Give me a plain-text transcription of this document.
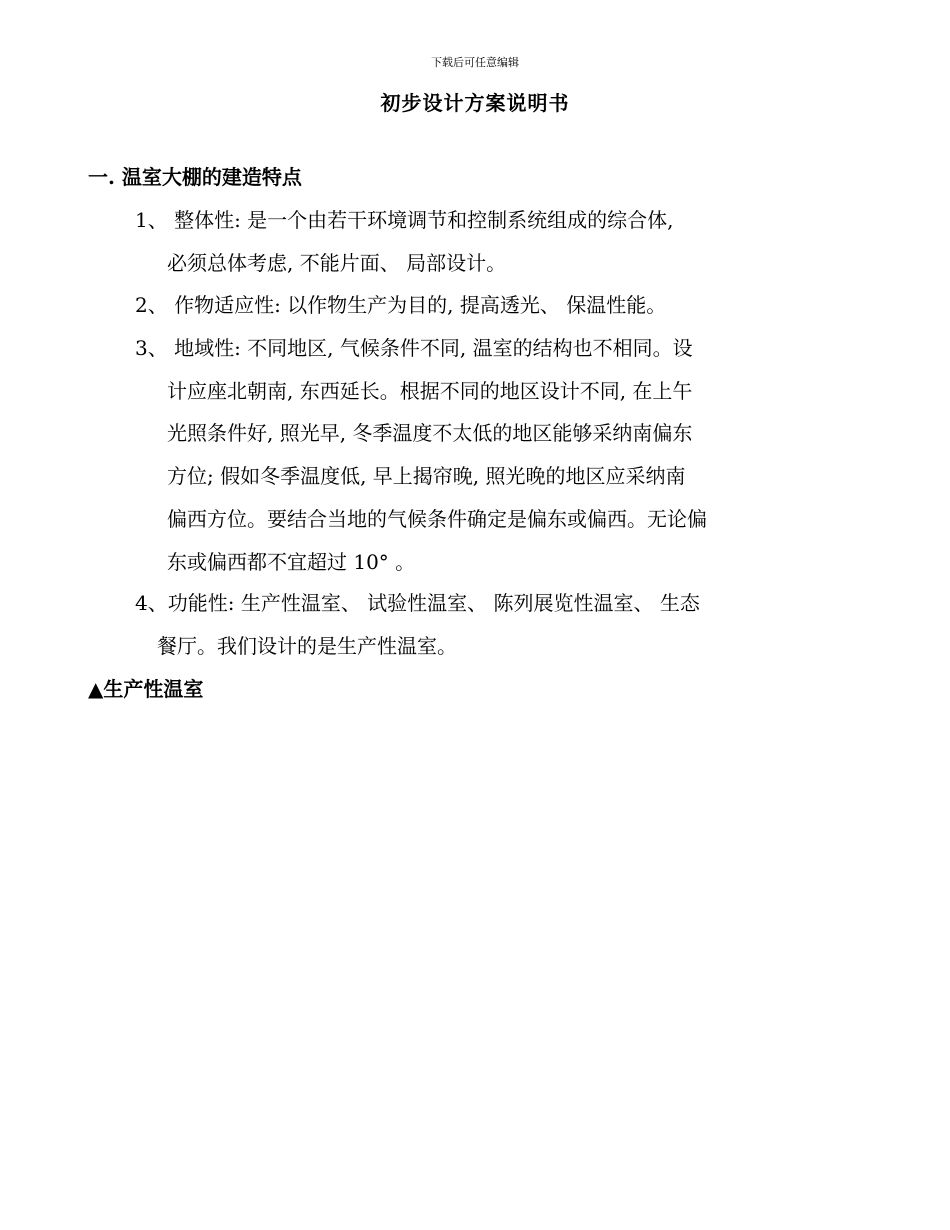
下载后可任意编辑
初步设计方案说明书
一. 温室大棚的建造特点
1、 整体性: 是一个由若干环境调节和控制系统组成的综合体,
必须总体考虑, 不能片面、 局部设计。
2、 作物适应性: 以作物生产为目的, 提高透光、 保温性能。
3、 地域性: 不同地区, 气候条件不同, 温室的结构也不相同。设
计应座北朝南, 东西延长。根据不同的地区设计不同, 在上午
光照条件好, 照光早, 冬季温度不太低的地区能够采纳南偏东
方位; 假如冬季温度低, 早上揭帘晚, 照光晚的地区应采纳南
偏西方位。要结合当地的气候条件确定是偏东或偏西。无论偏
东或偏西都不宜超过 10° 。
4、功能性: 生产性温室、 试验性温室、 陈列展览性温室、 生态
餐厅。我们设计的是生产性温室。
▲生产性温室
